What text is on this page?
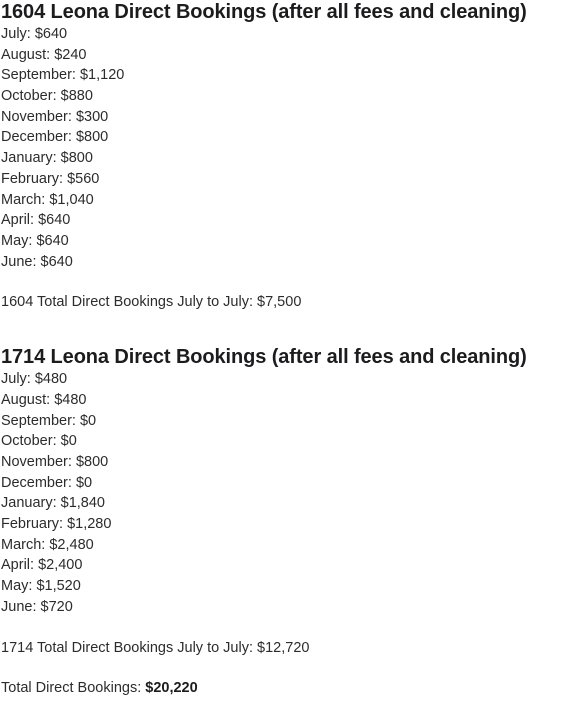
1604 Leona Direct Bookings (after all fees and cleaning)
July: $640
August: $240
September: $1,120
October: $880
November: $300
December: $800
January: $800
February: $560
March: $1,040
April: $640
May: $640
June: $640
1604 Total Direct Bookings July to July: $7,500
1714 Leona Direct Bookings (after all fees and cleaning)
July: $480
August: $480
September: $0
October: $0
November: $800
December: $0
January: $1,840
February: $1,280
March: $2,480
April: $2,400
May: $1,520
June: $720
1714 Total Direct Bookings July to July: $12,720
Total Direct Bookings: $20,220
